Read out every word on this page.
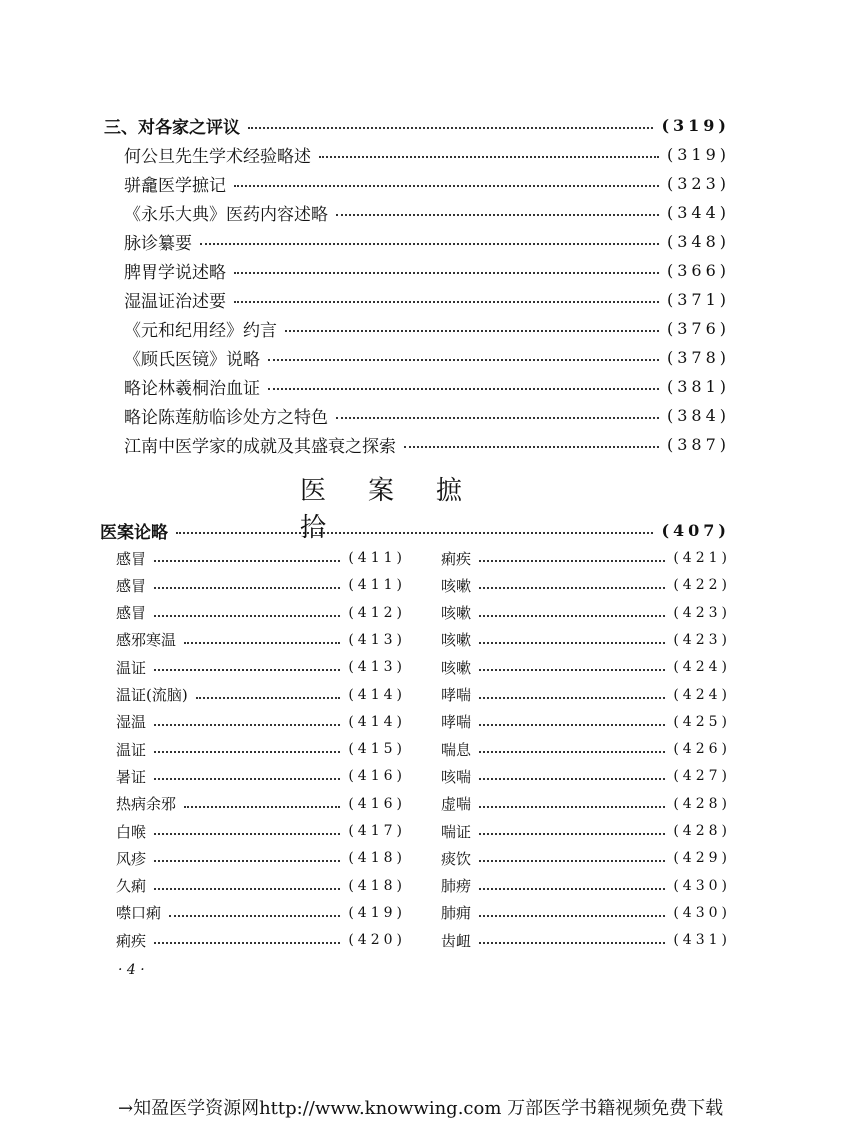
医案摭拾
· 4 ·
→知盈医学资源网http://www.knowwing.com 万部医学书籍视频免费下载
三、对各家之评议	(319)
何公旦先生学术经验略述	(319)
骈龕医学摭记	(323)
《永乐大典》医药内容述略	(344)
脉诊纂要	(348)
脾胃学说述略	(366)
湿温证治述要	(371)
《元和纪用经》约言	(376)
《顾氏医镜》说略	(378)
略论林羲桐治血证	(381)
略论陈莲舫临诊处方之特色	(384)
江南中医学家的成就及其盛衰之探索	(387)
医案论略	(407)
感冒	(411)
感冒	(411)
感冒	(412)
感邪寒温	(413)
温证	(413)
温证(流脑)	(414)
湿温	(414)
温证	(415)
暑证	(416)
热病余邪	(416)
白喉	(417)
风疹	(418)
久痢	(418)
噤口痢	(419)
痢疾	(420)
痢疾	(421)
咳嗽	(422)
咳嗽	(423)
咳嗽	(423)
咳嗽	(424)
哮喘	(424)
哮喘	(425)
喘息	(426)
咳喘	(427)
虚喘	(428)
喘证	(428)
痰饮	(429)
肺痨	(430)
肺痈	(430)
齿衄	(431)
